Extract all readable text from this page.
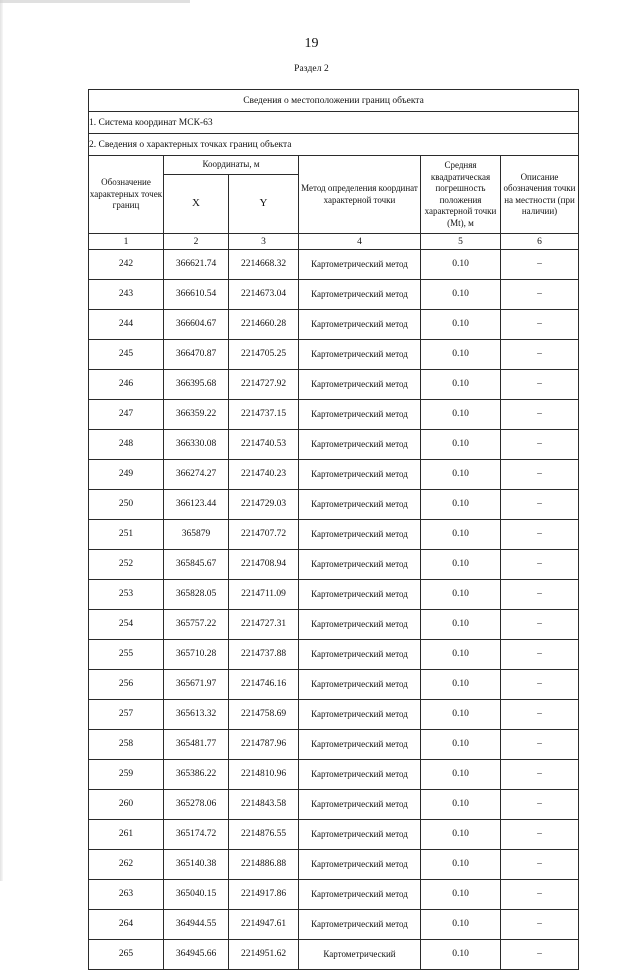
19
Раздел 2
Сведения о местоположении границ объекта					
1. Система координат МСК-63					
2. Сведения о характерных точках границ объекта					
Обозначение характерных точек границ	Координаты, м		Метод определения координат характерной точки	Средняя квадратическая погрешность положения характерной точки (Мt), м	Описание обозначения точки на местности (при наличии)
	X	Y			
1	2	3	4	5	6
242	366621.74	2214668.32	Картометрический метод	0.10	–
243	366610.54	2214673.04	Картометрический метод	0.10	–
244	366604.67	2214660.28	Картометрический метод	0.10	–
245	366470.87	2214705.25	Картометрический метод	0.10	–
246	366395.68	2214727.92	Картометрический метод	0.10	–
247	366359.22	2214737.15	Картометрический метод	0.10	–
248	366330.08	2214740.53	Картометрический метод	0.10	–
249	366274.27	2214740.23	Картометрический метод	0.10	–
250	366123.44	2214729.03	Картометрический метод	0.10	–
251	365879	2214707.72	Картометрический метод	0.10	–
252	365845.67	2214708.94	Картометрический метод	0.10	–
253	365828.05	2214711.09	Картометрический метод	0.10	–
254	365757.22	2214727.31	Картометрический метод	0.10	–
255	365710.28	2214737.88	Картометрический метод	0.10	–
256	365671.97	2214746.16	Картометрический метод	0.10	–
257	365613.32	2214758.69	Картометрический метод	0.10	–
258	365481.77	2214787.96	Картометрический метод	0.10	–
259	365386.22	2214810.96	Картометрический метод	0.10	–
260	365278.06	2214843.58	Картометрический метод	0.10	–
261	365174.72	2214876.55	Картометрический метод	0.10	–
262	365140.38	2214886.88	Картометрический метод	0.10	–
263	365040.15	2214917.86	Картометрический метод	0.10	–
264	364944.55	2214947.61	Картометрический метод	0.10	–
265	364945.66	2214951.62	Картометрический	0.10	–
